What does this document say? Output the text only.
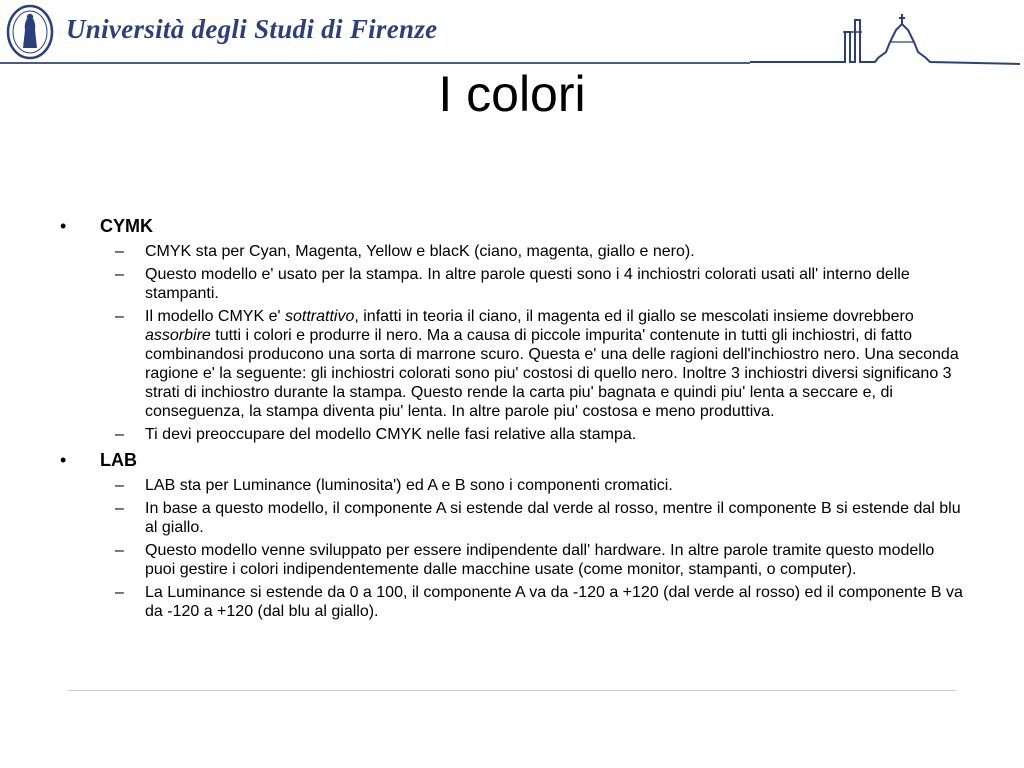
Università degli Studi di Firenze
I colori
• CYMK
– CMYK sta per Cyan, Magenta, Yellow e blacK (ciano, magenta, giallo e nero).
– Questo modello e' usato per la stampa. In altre parole questi sono i 4 inchiostri colorati usati all' interno delle stampanti.
– Il modello CMYK e' sottrattivo, infatti in teoria il ciano, il magenta ed il giallo se mescolati insieme dovrebbero assorbire tutti i colori e produrre il nero. Ma a causa di piccole impurita' contenute in tutti gli inchiostri, di fatto combinandosi producono una sorta di marrone scuro. Questa e' una delle ragioni dell'inchiostro nero. Una seconda ragione e' la seguente: gli inchiostri colorati sono piu' costosi di quello nero. Inoltre 3 inchiostri diversi significano 3 strati di inchiostro durante la stampa. Questo rende la carta piu' bagnata e quindi piu' lenta a seccare e, di conseguenza, la stampa diventa piu' lenta. In altre parole piu' costosa e meno produttiva.
– Ti devi preoccupare del modello CMYK nelle fasi relative alla stampa.
• LAB
– LAB sta per Luminance (luminosita') ed A e B sono i componenti cromatici.
– In base a questo modello, il componente A si estende dal verde al rosso, mentre il componente B si estende dal blu al giallo.
– Questo modello venne sviluppato per essere indipendente dall' hardware. In altre parole tramite questo modello puoi gestire i colori indipendentemente dalle macchine usate (come monitor, stampanti, o computer).
– La Luminance si estende da 0 a 100, il componente A va da -120 a +120 (dal verde al rosso) ed il componente B va da -120 a +120 (dal blu al giallo).
